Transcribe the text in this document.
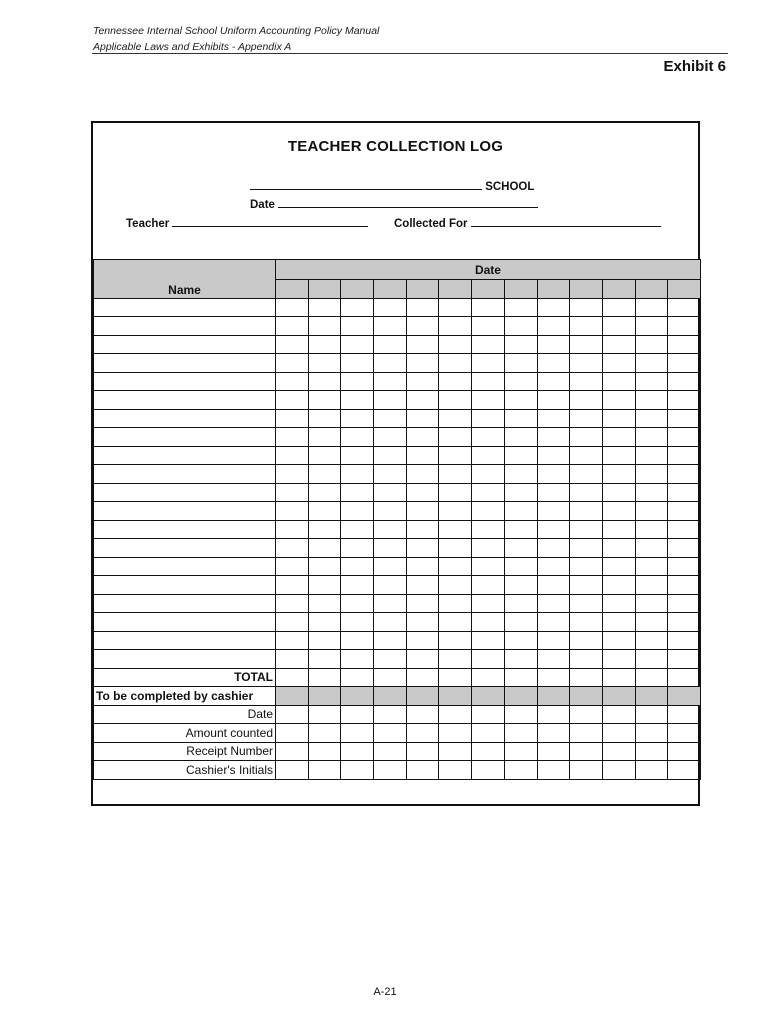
Tennessee Internal School Uniform Accounting Policy Manual
Applicable Laws and Exhibits - Appendix A
Exhibit 6
TEACHER COLLECTION LOG
SCHOOL
Date
Teacher	Collected For
Name	Date												

TOTAL													
To be completed by cashier													
Date													
Amount counted													
Receipt Number													
Cashier's Initials													
A-21
